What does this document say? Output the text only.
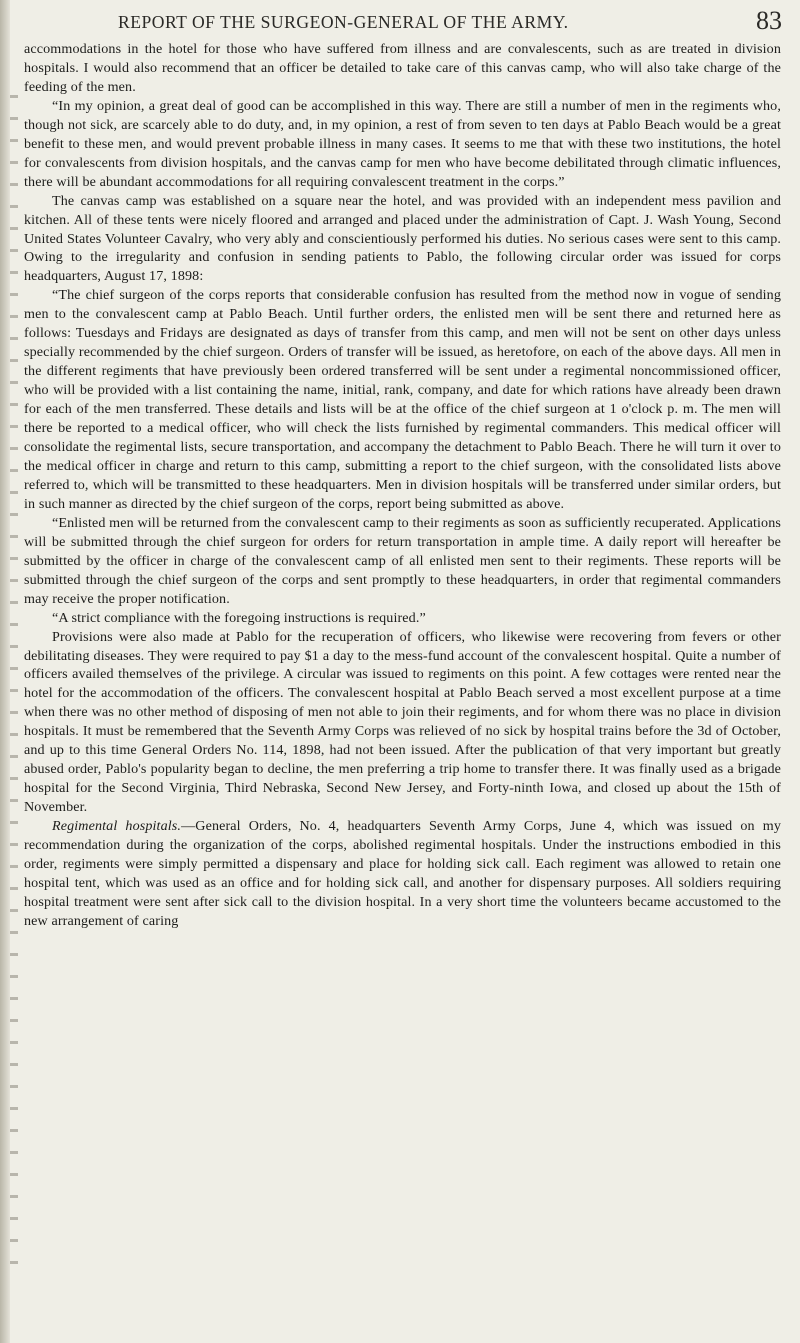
REPORT OF THE SURGEON-GENERAL OF THE ARMY.	83

accommodations in the hotel for those who have suffered from illness and are convalescents, such as are treated in division hospitals. I would also recommend that an officer be detailed to take care of this canvas camp, who will also take charge of the feeding of the men.

“In my opinion, a great deal of good can be accomplished in this way. There are still a number of men in the regiments who, though not sick, are scarcely able to do duty, and, in my opinion, a rest of from seven to ten days at Pablo Beach would be a great benefit to these men, and would prevent probable illness in many cases. It seems to me that with these two institutions, the hotel for convalescents from division hospitals, and the canvas camp for men who have become debilitated through climatic influences, there will be abundant accommodations for all requiring convalescent treatment in the corps.”

The canvas camp was established on a square near the hotel, and was provided with an independent mess pavilion and kitchen. All of these tents were nicely floored and arranged and placed under the administration of Capt. J. Wash Young, Second United States Volunteer Cavalry, who very ably and conscientiously performed his duties. No serious cases were sent to this camp. Owing to the irregularity and confusion in sending patients to Pablo, the following circular order was issued for corps headquarters, August 17, 1898:

“The chief surgeon of the corps reports that considerable confusion has resulted from the method now in vogue of sending men to the convalescent camp at Pablo Beach. Until further orders, the enlisted men will be sent there and returned here as follows: Tuesdays and Fridays are designated as days of transfer from this camp, and men will not be sent on other days unless specially recommended by the chief surgeon. Orders of transfer will be issued, as heretofore, on each of the above days. All men in the different regiments that have previously been ordered transferred will be sent under a regimental noncommissioned officer, who will be provided with a list containing the name, initial, rank, company, and date for which rations have already been drawn for each of the men transferred. These details and lists will be at the office of the chief surgeon at 1 o'clock p. m. The men will there be reported to a medical officer, who will check the lists furnished by regimental commanders. This medical officer will consolidate the regimental lists, secure transportation, and accompany the detachment to Pablo Beach. There he will turn it over to the medical officer in charge and return to this camp, submitting a report to the chief surgeon, with the consolidated lists above referred to, which will be transmitted to these headquarters. Men in division hospitals will be transferred under similar orders, but in such manner as directed by the chief surgeon of the corps, report being submitted as above.

“Enlisted men will be returned from the convalescent camp to their regiments as soon as sufficiently recuperated. Applications will be submitted through the chief surgeon for orders for return transportation in ample time. A daily report will hereafter be submitted by the officer in charge of the convalescent camp of all enlisted men sent to their regiments. These reports will be submitted through the chief surgeon of the corps and sent promptly to these headquarters, in order that regimental commanders may receive the proper notification.

“A strict compliance with the foregoing instructions is required.”

Provisions were also made at Pablo for the recuperation of officers, who likewise were recovering from fevers or other debilitating diseases. They were required to pay $1 a day to the mess-fund account of the convalescent hospital. Quite a number of officers availed themselves of the privilege. A circular was issued to regiments on this point. A few cottages were rented near the hotel for the accommodation of the officers. The convalescent hospital at Pablo Beach served a most excellent purpose at a time when there was no other method of disposing of men not able to join their regiments, and for whom there was no place in division hospitals. It must be remembered that the Seventh Army Corps was relieved of no sick by hospital trains before the 3d of October, and up to this time General Orders No. 114, 1898, had not been issued. After the publication of that very important but greatly abused order, Pablo's popularity began to decline, the men preferring a trip home to transfer there. It was finally used as a brigade hospital for the Second Virginia, Third Nebraska, Second New Jersey, and Forty-ninth Iowa, and closed up about the 15th of November.

Regimental hospitals.—General Orders, No. 4, headquarters Seventh Army Corps, June 4, which was issued on my recommendation during the organization of the corps, abolished regimental hospitals. Under the instructions embodied in this order, regiments were simply permitted a dispensary and place for holding sick call. Each regiment was allowed to retain one hospital tent, which was used as an office and for holding sick call, and another for dispensary purposes. All soldiers requiring hospital treatment were sent after sick call to the division hospital. In a very short time the volunteers became accustomed to the new arrangement of caring
